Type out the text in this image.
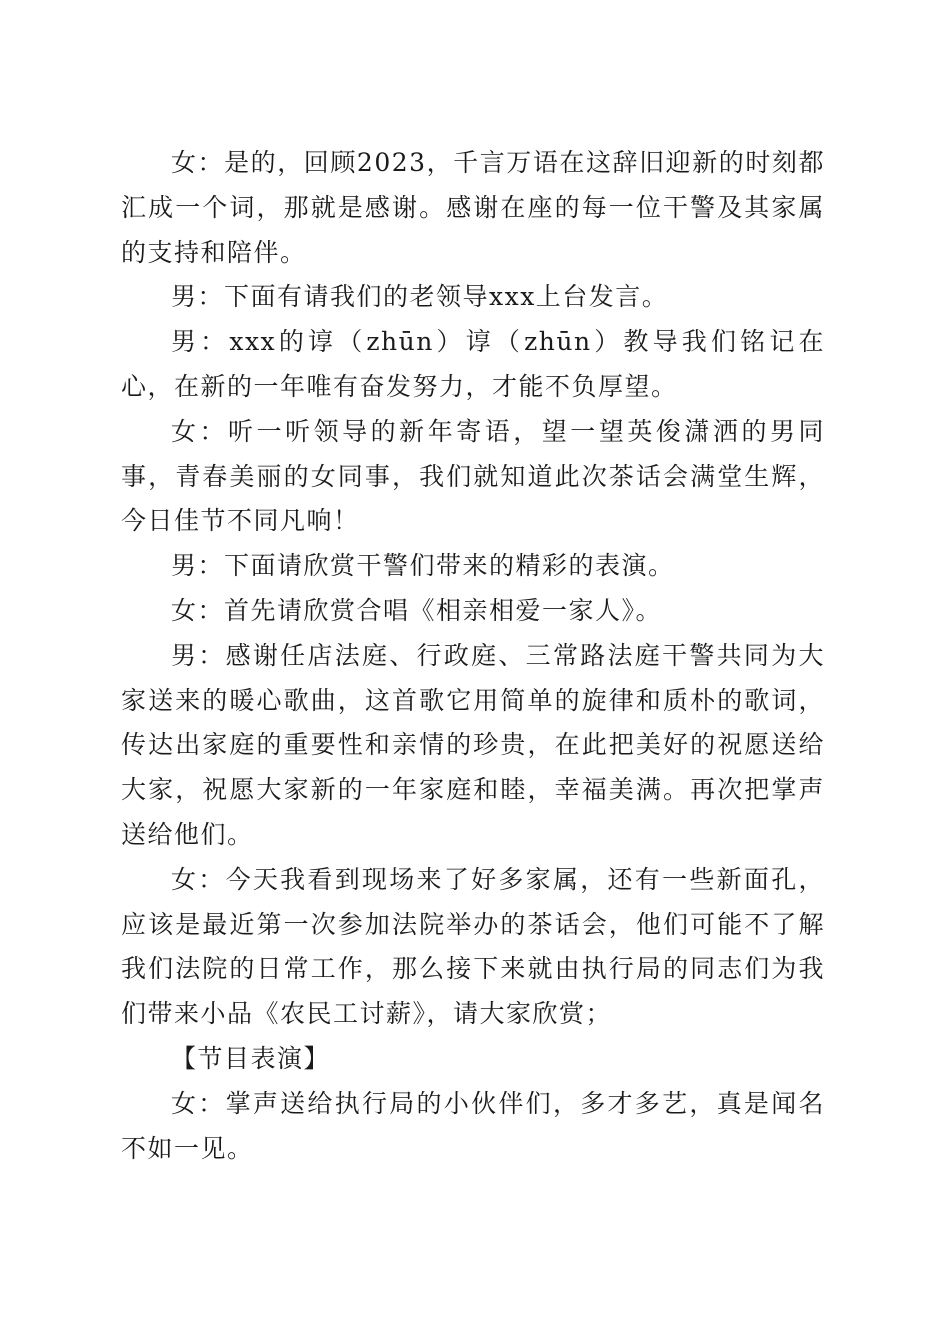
女：是的，回顾2023，千言万语在这辞旧迎新的时刻都汇成一个词，那就是感谢。感谢在座的每一位干警及其家属的支持和陪伴。

男：下面有请我们的老领导xxx上台发言。

男：xxx的谆（zhūn）谆（zhūn）教导我们铭记在心，在新的一年唯有奋发努力，才能不负厚望。

女：听一听领导的新年寄语，望一望英俊潇洒的男同事，青春美丽的女同事，我们就知道此次茶话会满堂生辉，今日佳节不同凡响！

男：下面请欣赏干警们带来的精彩的表演。

女：首先请欣赏合唱《相亲相爱一家人》。

男：感谢任店法庭、行政庭、三常路法庭干警共同为大家送来的暖心歌曲，这首歌它用简单的旋律和质朴的歌词，传达出家庭的重要性和亲情的珍贵，在此把美好的祝愿送给大家，祝愿大家新的一年家庭和睦，幸福美满。再次把掌声送给他们。

女：今天我看到现场来了好多家属，还有一些新面孔，应该是最近第一次参加法院举办的茶话会，他们可能不了解我们法院的日常工作，那么接下来就由执行局的同志们为我们带来小品《农民工讨薪》，请大家欣赏；

【节目表演】

女：掌声送给执行局的小伙伴们，多才多艺，真是闻名不如一见。
